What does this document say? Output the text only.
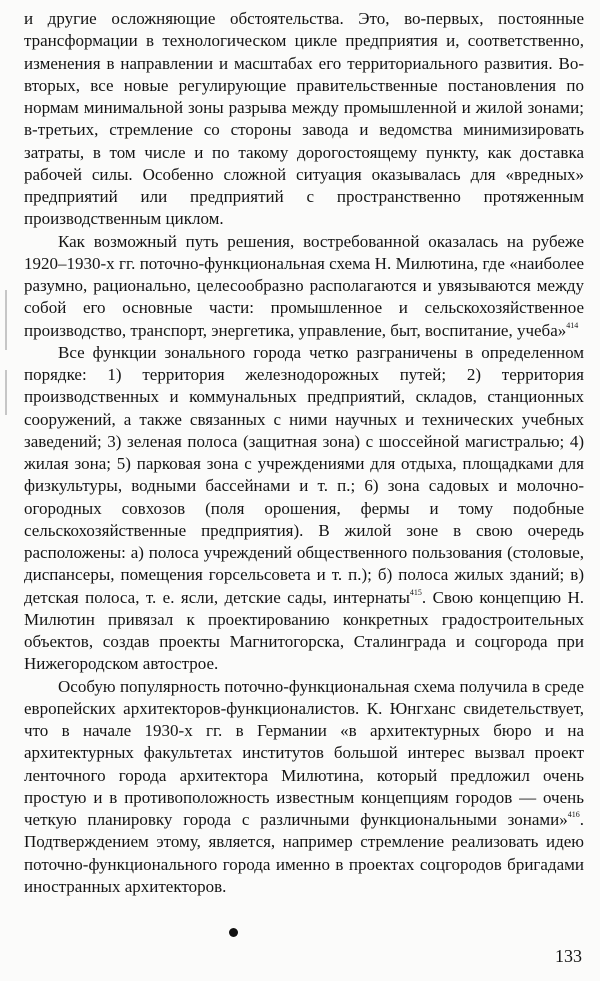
и другие осложняющие обстоятельства. Это, во-первых, постоянные трансформации в технологическом цикле предприятия и, соответственно, изменения в направлении и масштабах его территориального развития. Во-вторых, все новые регулирующие правительственные постановления по нормам минимальной зоны разрыва между промышленной и жилой зонами; в-третьих, стремление со стороны завода и ведомства минимизировать затраты, в том числе и по такому дорогостоящему пункту, как доставка рабочей силы. Особенно сложной ситуация оказывалась для «вредных» предприятий или предприятий с пространственно протяженным производственным циклом.

Как возможный путь решения, востребованной оказалась на рубеже 1920–1930-х гг. поточно-функциональная схема Н. Милютина, где «наиболее разумно, рационально, целесообразно располагаются и увязываются между собой его основные части: промышленное и сельскохозяйственное производство, транспорт, энергетика, управление, быт, воспитание, учеба»$^{414}$

Все функции зонального города четко разграничены в определенном порядке: 1) территория железнодорожных путей; 2) территория производственных и коммунальных предприятий, складов, станционных сооружений, а также связанных с ними научных и технических учебных заведений; 3) зеленая полоса (защитная зона) с шоссейной магистралью; 4) жилая зона; 5) парковая зона с учреждениями для отдыха, площадками для физкультуры, водными бассейнами и т. п.; 6) зона садовых и молочно-огородных совхозов (поля орошения, фермы и тому подобные сельскохозяйственные предприятия). В жилой зоне в свою очередь расположены: а) полоса учреждений общественного пользования (столовые, диспансеры, помещения горсельсовета и т. п.); б) полоса жилых зданий; в) детская полоса, т. е. ясли, детские сады, интернаты$^{415}$. Свою концепцию Н. Милютин привязал к проектированию конкретных градостроительных объектов, создав проекты Магнитогорска, Сталинграда и соцгорода при Нижегородском автострое.

Особую популярность поточно-функциональная схема получила в среде европейских архитекторов-функционалистов. К. Юнгханс свидетельствует, что в начале 1930-х гг. в Германии «в архитектурных бюро и на архитектурных факультетах институтов большой интерес вызвал проект ленточного города архитектора Милютина, который предложил очень простую и в противоположность известным концепциям городов — очень четкую планировку города с различными функциональными зонами»$^{416}$. Подтверждением этому, является, например стремление реализовать идею поточно-функционального города именно в проектах соцгородов бригадами иностранных архитекторов.

133
